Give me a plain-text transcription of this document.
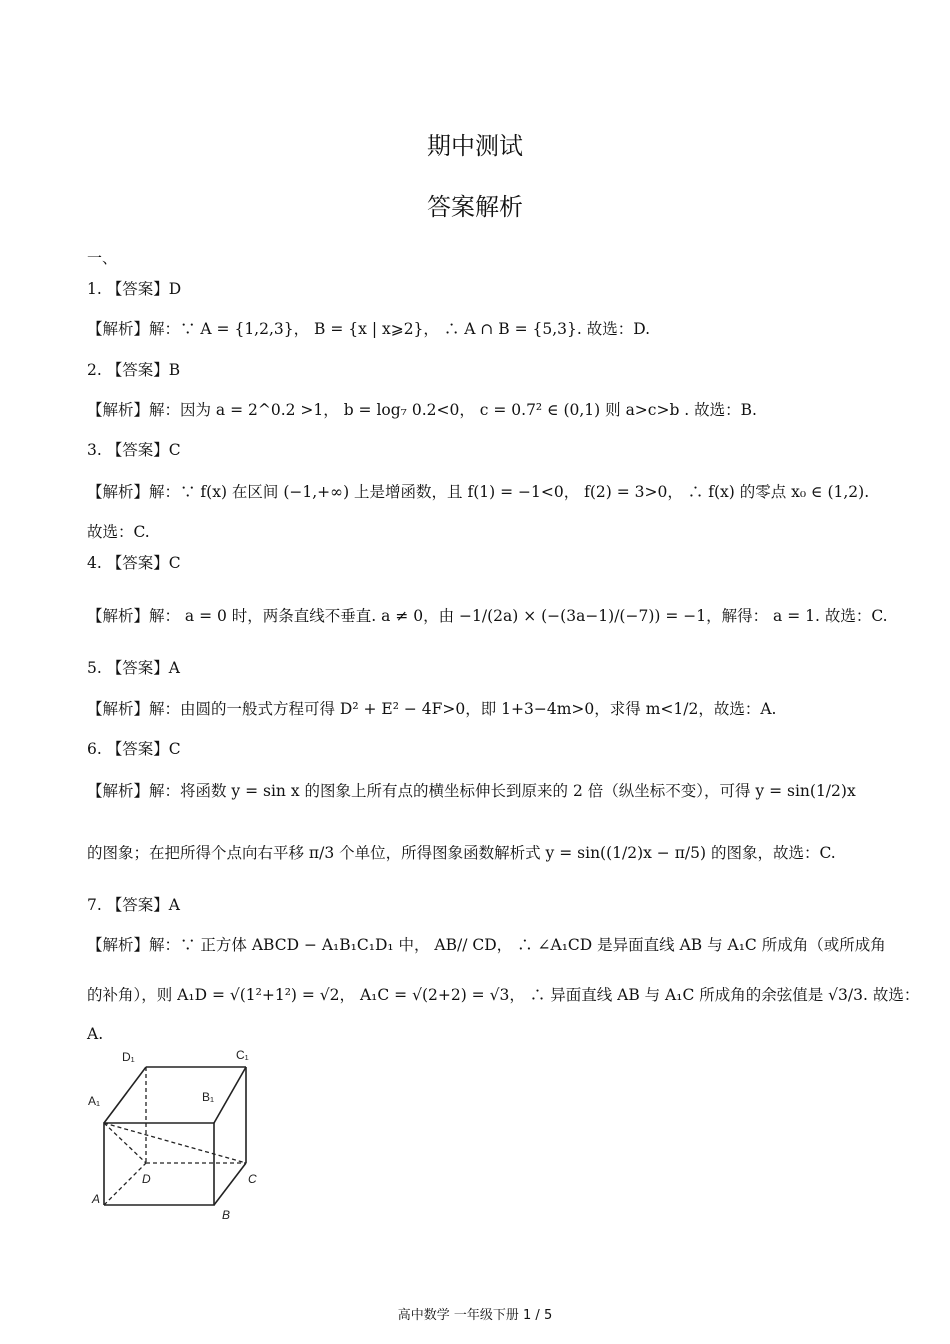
期中测试
答案解析
一、
1. 【答案】D
【解析】解：∵ A = {1,2,3}， B = {x | x⩾2}， ∴ A ∩ B = {5,3}. 故选：D.
2. 【答案】B
【解析】解：因为 a = 2^0.2 >1， b = log₇ 0.2<0， c = 0.7² ∈ (0,1) 则 a>c>b . 故选：B.
3. 【答案】C
【解析】解：∵ f(x) 在区间 (−1,+∞) 上是增函数，且 f(1) = −1<0， f(2) = 3>0， ∴ f(x) 的零点 x₀ ∈ (1,2).
故选：C.
4. 【答案】C
【解析】解： a = 0 时，两条直线不垂直. a ≠ 0，由 −1/(2a) × (−(3a−1)/(−7)) = −1，解得： a = 1. 故选：C.
5. 【答案】A
【解析】解：由圆的一般式方程可得 D² + E² − 4F>0，即 1+3−4m>0，求得 m<1/2，故选：A.
6. 【答案】C
【解析】解：将函数 y = sin x 的图象上所有点的横坐标伸长到原来的 2 倍（纵坐标不变），可得 y = sin(1/2)x
的图象；在把所得个点向右平移 π/3 个单位，所得图象函数解析式 y = sin((1/2)x − π/5) 的图象，故选：C.
7. 【答案】A
【解析】解：∵ 正方体 ABCD − A₁B₁C₁D₁ 中， AB// CD， ∴ ∠A₁CD 是异面直线 AB 与 A₁C 所成角（或所成角
的补角），则 A₁D = √(1²+1²) = √2， A₁C = √(2+2) = √3， ∴ 异面直线 AB 与 A₁C 所成角的余弦值是 √3/3. 故选：
A.
D₁	C₁
A₁	B₁
A
D	C
B
高中数学 一年级下册 1 / 5
